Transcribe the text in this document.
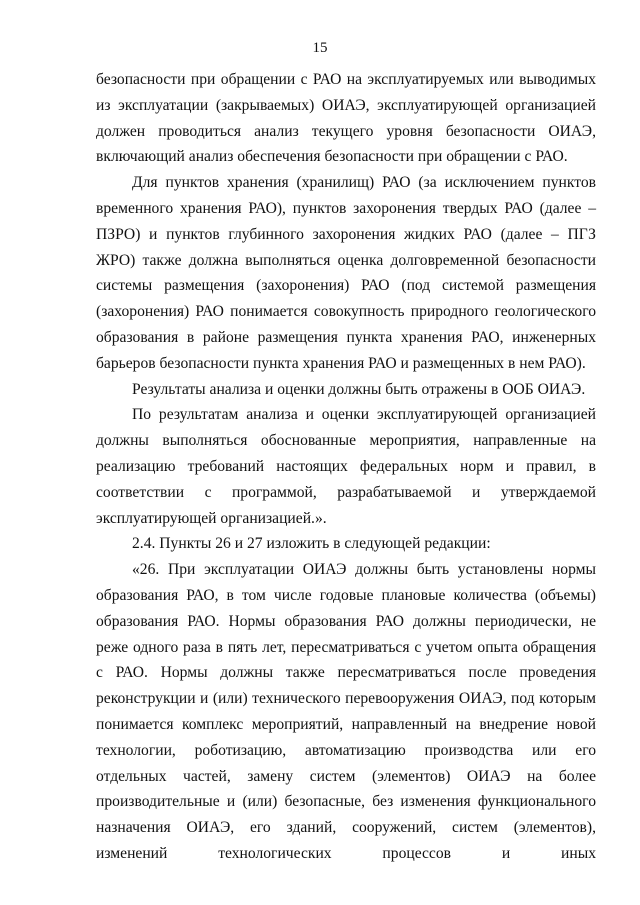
15

безопасности при обращении с РАО на эксплуатируемых или выводимых из эксплуатации (закрываемых) ОИАЭ, эксплуатирующей организацией должен проводиться анализ текущего уровня безопасности ОИАЭ, включающий анализ обеспечения безопасности при обращении с РАО.

Для пунктов хранения (хранилищ) РАО (за исключением пунктов временного хранения РАО), пунктов захоронения твердых РАО (далее – ПЗРО) и пунктов глубинного захоронения жидких РАО (далее – ПГЗ ЖРО) также должна выполняться оценка долговременной безопасности системы размещения (захоронения) РАО (под системой размещения (захоронения) РАО понимается совокупность природного геологического образования в районе размещения пункта хранения РАО, инженерных барьеров безопасности пункта хранения РАО и размещенных в нем РАО).

Результаты анализа и оценки должны быть отражены в ООБ ОИАЭ.

По результатам анализа и оценки эксплуатирующей организацией должны выполняться обоснованные мероприятия, направленные на реализацию требований настоящих федеральных норм и правил, в соответствии с программой, разрабатываемой и утверждаемой эксплуатирующей организацией.».

2.4. Пункты 26 и 27 изложить в следующей редакции:

«26. При эксплуатации ОИАЭ должны быть установлены нормы образования РАО, в том числе годовые плановые количества (объемы) образования РАО. Нормы образования РАО должны периодически, не реже одного раза в пять лет, пересматриваться с учетом опыта обращения с РАО. Нормы должны также пересматриваться после проведения реконструкции и (или) технического перевооружения ОИАЭ, под которым понимается комплекс мероприятий, направленный на внедрение новой технологии, роботизацию, автоматизацию производства или его отдельных частей, замену систем (элементов) ОИАЭ на более производительные и (или) безопасные, без изменения функционального назначения ОИАЭ, его зданий, сооружений, систем (элементов), изменений технологических процессов и иных
